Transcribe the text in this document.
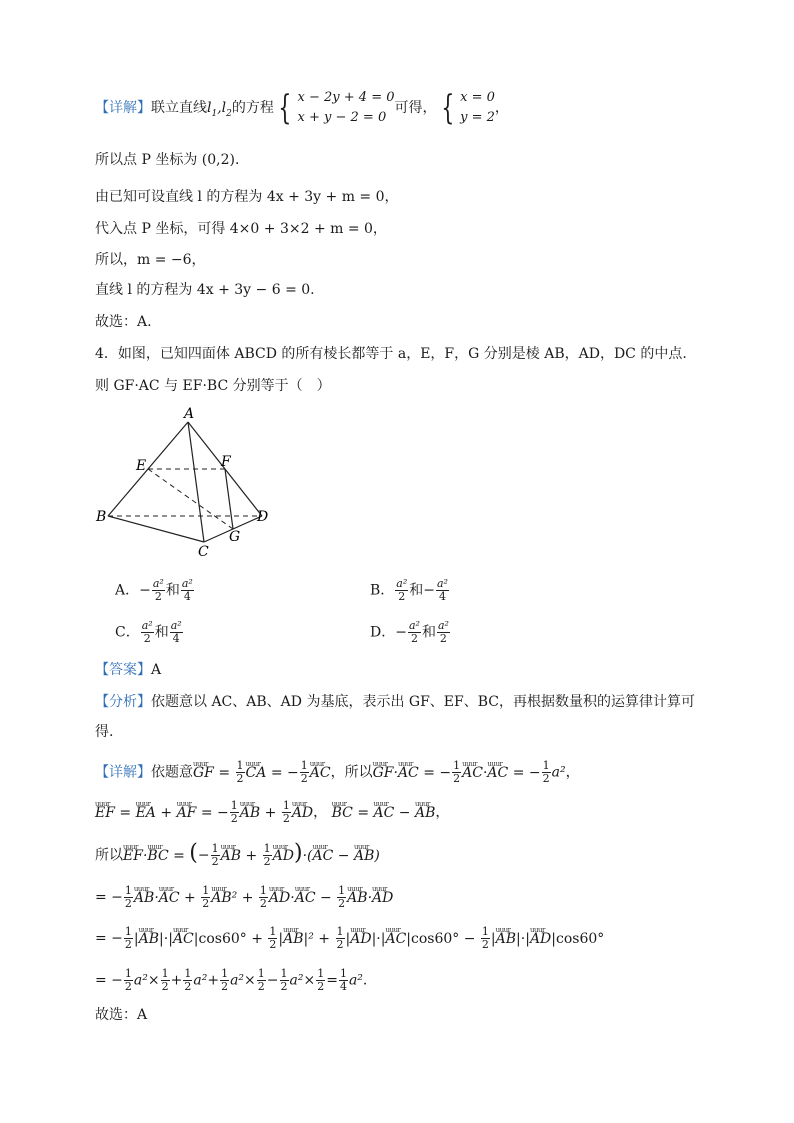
【详解】联立直线$l_1,l_2$的方程 { x − 2y + 4 = 0
x + y − 2 = 0
可得， { x = 0
y = 2
，
所以点 P 坐标为 (0,2).
由已知可设直线 l 的方程为 4x + 3y + m = 0，
代入点 P 坐标，可得 4×0 + 3×2 + m = 0，
所以，m = −6，
直线 l 的方程为 4x + 3y − 6 = 0.
故选：A.
4．如图，已知四面体 ABCD 的所有棱长都等于 a，E，F，G 分别是棱 AB，AD，DC 的中点.
则 GF·AC 与 EF·BC 分别等于（　）
A
E	F
B
C
D
G
A．− $\frac{\text{a²}}{2}$ 和 $\frac{\text{a²}}{4}$	B． $\frac{\text{a²}}{2}$ 和− $\frac{\text{a²}}{4}$
C． $\frac{\text{a²}}{2}$ 和 $\frac{\text{a²}}{4}$	D．− $\frac{\text{a²}}{2}$ 和 $\frac{\text{a²}}{2}$
【答案】A
【分析】依题意以 AC、AB、AD 为基底，表示出 GF、EF、BC，再根据数量积的运算律计算可
得.
【详解】依题意uuur GF = $\frac{1}{2}$ uuur CA = − $\frac{1}{2}$ uuur AC，所以uuur GF·uuur AC = − $\frac{1}{2}$ uuur AC·uuur AC = − $\frac{1}{2} a^2$，
uuur EF = uuur EA + uuur AF = − $\frac{1}{2}$ uuur AB + $\frac{1}{2}$ uuur AD， uuur BC = uuur AC − uuur AB，
所以uuur EF·uuur BC = (− $\frac{1}{2}$ uuur AB + $\frac{1}{2}$ uuur AD)·(uuur AC − uuur AB)
= − $\frac{1}{2}$ uuur AB·uuur AC + $\frac{1}{2}$ uuur $AB^2 + \frac{1}{2}$ uuur AD·uuur AC − $\frac{1}{2}$ uuur AB·uuur AD
= − $\frac{1}{2}$ |uuur AB|·|uuur $AC|\cos 60^\circ + \frac{1}{2}$ |uuur $AB|^2 + \frac{1}{2}$ |uuur AD|·|uuur $AC|\cos 60^\circ - \frac{1}{2}$ |uuur AB|·|uuur AD|cos60°
= − $\frac{1}{2} a^2\times \frac{1}{2} + \frac{1}{2} a^2+ \frac{1}{2} a^2\times \frac{1}{2} - \frac{1}{2} a^2\times \frac{1}{2} = \frac{1}{4} a^2$.
故选：A
